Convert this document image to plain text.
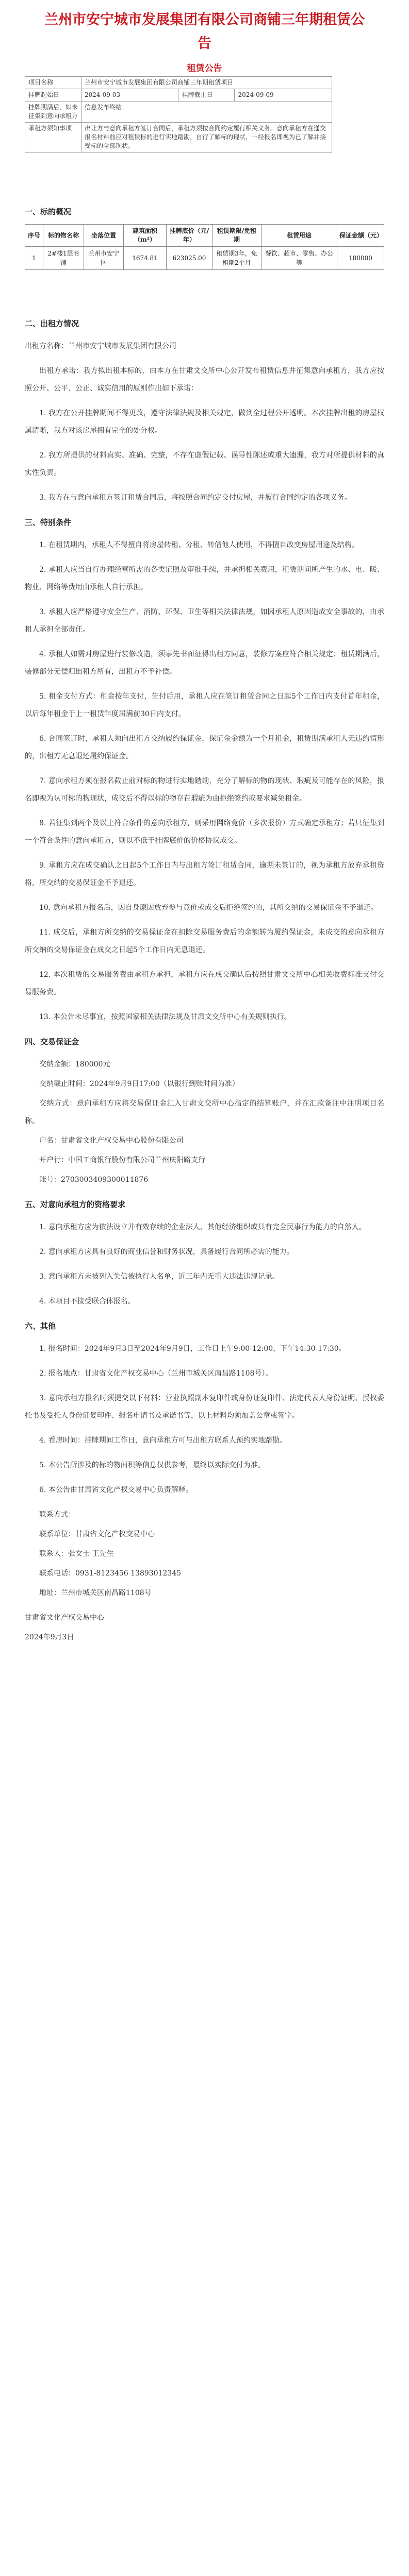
兰州市安宁城市发展集团有限公司商铺三年期租赁公告
租赁公告
项目名称	兰州市安宁城市发展集团有限公司商铺三年期租赁项目		
挂牌起始日	2024-09-03	挂牌截止日	2024-09-09
挂牌期满后，如未征集到意向承租方	信息发布终结		
承租方须知事项	出让方与意向承租方签订合同后，承租方须按合同约定履行相关义务。意向承租方在递交报名材料前应对租赁标的进行实地踏勘，自行了解标的现状，一经报名即视为已了解并接受标的全部现状。		
一、标的概况
序号	标的物名称	坐落位置	建筑面积（m²）	挂牌底价（元/年）	租赁期限/免租期	租赁用途	保证金额（元）
1	2#楼1层商铺	兰州市安宁区	1674.81	623025.00	租赁期3年，免租期2个月	餐饮、超市、零售、办公等	180000
二、出租方情况

出租方名称：兰州市安宁城市发展集团有限公司

出租方承诺：我方拟出租本标的，由本方在甘肃文交所中心公开发布租赁信息并征集意向承租方，我方应按照公开、公平、公正、诚实信用的原则作出如下承诺：

1. 我方在公开挂牌期间不得更改，遵守法律法规及相关规定，做到全过程公开透明。本次挂牌出租的房屋权属清晰，我方对该房屋拥有完全的处分权。

2. 我方所提供的材料真实、准确、完整，不存在虚假记载、误导性陈述或重大遗漏，我方对所提供材料的真实性负责。

3. 我方在与意向承租方签订租赁合同后，将按照合同约定交付房屋，并履行合同约定的各项义务。

三、特别条件

1. 在租赁期内，承租人不得擅自将房屋转租、分租、转借他人使用，不得擅自改变房屋用途及结构。

2. 承租人应当自行办理经营所需的各类证照及审批手续，并承担相关费用，租赁期间所产生的水、电、暖、物业、网络等费用由承租人自行承担。

3. 承租人应严格遵守安全生产、消防、环保、卫生等相关法律法规，如因承租人原因造成安全事故的，由承租人承担全部责任。

4. 承租人如需对房屋进行装修改造，须事先书面征得出租方同意，装修方案应符合相关规定；租赁期满后，装修部分无偿归出租方所有，出租方不予补偿。

5. 租金支付方式：租金按年支付，先付后用，承租人应在签订租赁合同之日起5个工作日内支付首年租金，以后每年租金于上一租赁年度届满前30日内支付。

6. 合同签订时，承租人须向出租方交纳履约保证金，保证金金额为一个月租金，租赁期满承租人无违约情形的，出租方无息退还履约保证金。

7. 意向承租方须在报名截止前对标的物进行实地踏勘，充分了解标的物的现状、瑕疵及可能存在的风险，报名即视为认可标的物现状，成交后不得以标的物存在瑕疵为由拒绝签约或要求减免租金。

8. 若征集到两个及以上符合条件的意向承租方，则采用网络竞价（多次报价）方式确定承租方；若只征集到一个符合条件的意向承租方，则以不低于挂牌底价的价格协议成交。

9. 承租方应在成交确认之日起5个工作日内与出租方签订租赁合同，逾期未签订的，视为承租方放弃承租资格，所交纳的交易保证金不予退还。

10. 意向承租方报名后，因自身原因放弃参与竞价或成交后拒绝签约的，其所交纳的交易保证金不予退还。

11. 成交后，承租方所交纳的交易保证金在扣除交易服务费后的余额转为履约保证金，未成交的意向承租方所交纳的交易保证金在成交之日起5个工作日内无息退还。

12. 本次租赁的交易服务费由承租方承担，承租方应在成交确认后按照甘肃文交所中心相关收费标准支付交易服务费。

13. 本公告未尽事宜，按照国家相关法律法规及甘肃文交所中心有关规则执行。

四、交易保证金

交纳金额：180000元

交纳截止时间：2024年9月9日17:00（以银行到账时间为准）

交纳方式：意向承租方应将交易保证金汇入甘肃文交所中心指定的结算账户，并在汇款备注中注明项目名称。

户名：甘肃省文化产权交易中心股份有限公司

开户行：中国工商银行股份有限公司兰州庆阳路支行

账号：2703003409300011876

五、对意向承租方的资格要求

1. 意向承租方应为依法设立并有效存续的企业法人、其他经济组织或具有完全民事行为能力的自然人。

2. 意向承租方应具有良好的商业信誉和财务状况，具备履行合同所必需的能力。

3. 意向承租方未被列入失信被执行人名单，近三年内无重大违法违规记录。

4. 本项目不接受联合体报名。

六、其他

1. 报名时间：2024年9月3日至2024年9月9日，工作日上午9:00-12:00，下午14:30-17:30。

2. 报名地点：甘肃省文化产权交易中心（兰州市城关区南昌路1108号）。

3. 意向承租方报名时须提交以下材料：营业执照副本复印件或身份证复印件、法定代表人身份证明、授权委托书及受托人身份证复印件、报名申请书及承诺书等，以上材料均须加盖公章或签字。

4. 看房时间：挂牌期间工作日，意向承租方可与出租方联系人预约实地踏勘。

5. 本公告所涉及的标的物面积等信息仅供参考，最终以实际交付为准。

6. 本公告由甘肃省文化产权交易中心负责解释。

联系方式：

联系单位：甘肃省文化产权交易中心

联系人：张女士 王先生

联系电话：0931-8123456 13893012345

地址：兰州市城关区南昌路1108号

甘肃省文化产权交易中心

2024年9月3日
